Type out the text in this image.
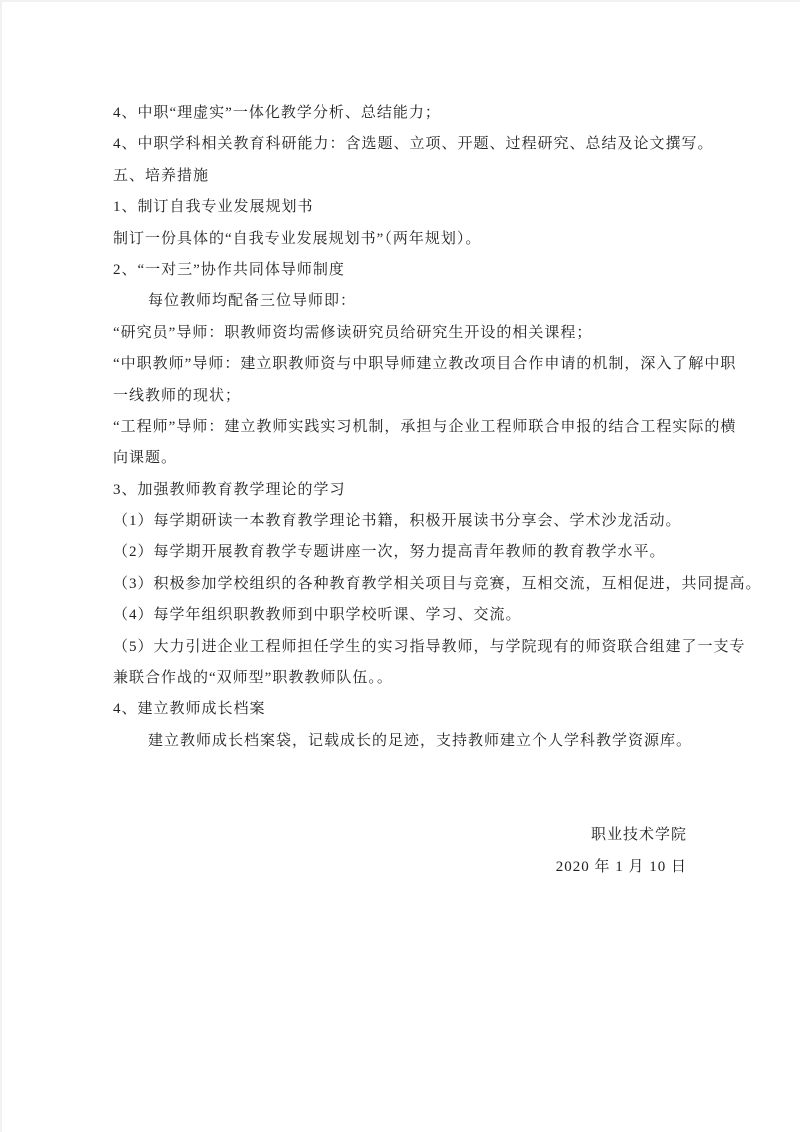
4、中职“理虚实”一体化教学分析、总结能力；
4、中职学科相关教育科研能力：含选题、立项、开题、过程研究、总结及论文撰写。
五、培养措施
1、制订自我专业发展规划书
制订一份具体的“自我专业发展规划书”（两年规划）。
2、“一对三”协作共同体导师制度
每位教师均配备三位导师即：
“研究员”导师：职教师资均需修读研究员给研究生开设的相关课程；
“中职教师”导师：建立职教师资与中职导师建立教改项目合作申请的机制，深入了解中职
一线教师的现状；
“工程师”导师：建立教师实践实习机制，承担与企业工程师联合申报的结合工程实际的横
向课题。
3、加强教师教育教学理论的学习
（1）每学期研读一本教育教学理论书籍，积极开展读书分享会、学术沙龙活动。
（2）每学期开展教育教学专题讲座一次，努力提高青年教师的教育教学水平。
（3）积极参加学校组织的各种教育教学相关项目与竞赛，互相交流，互相促进，共同提高。
（4）每学年组织职教教师到中职学校听课、学习、交流。
（5）大力引进企业工程师担任学生的实习指导教师，与学院现有的师资联合组建了一支专
兼联合作战的“双师型”职教教师队伍。。
4、建立教师成长档案
建立教师成长档案袋，记载成长的足迹，支持教师建立个人学科教学资源库。
职业技术学院
2020 年 1 月 10 日
